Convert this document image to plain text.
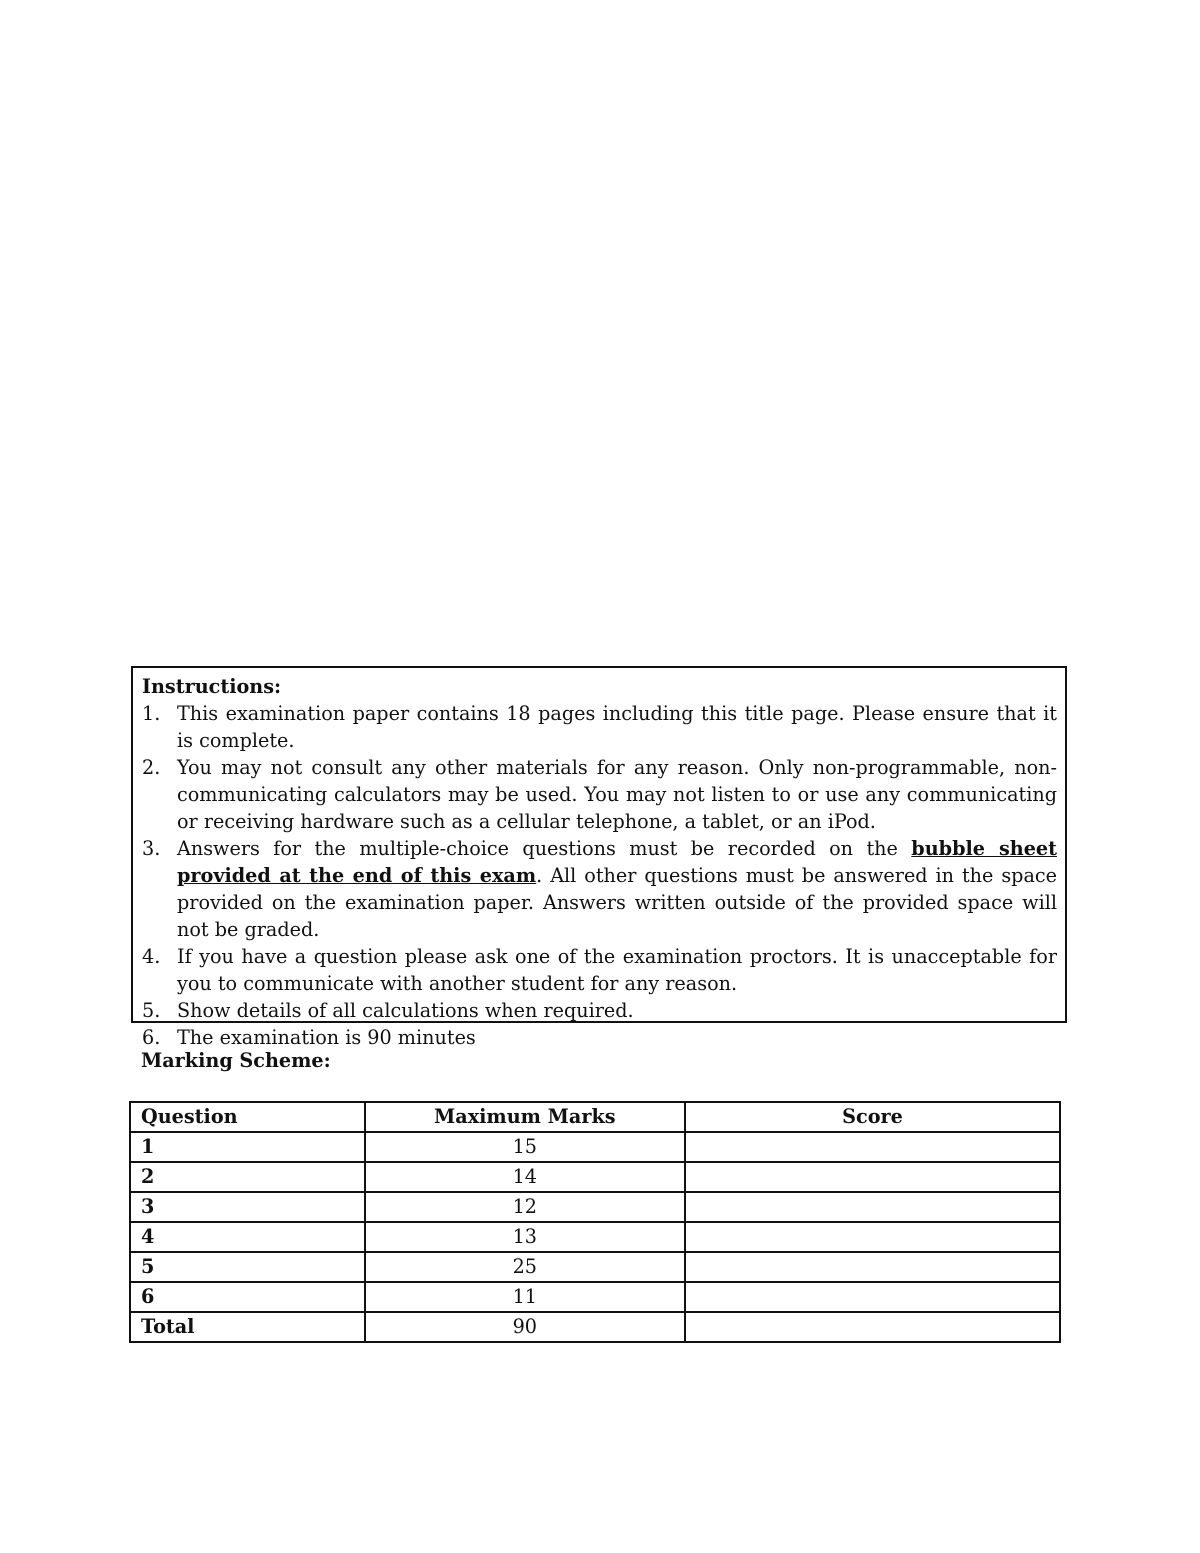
Instructions:
1. This examination paper contains 18 pages including this title page. Please ensure that it is complete.
2. You may not consult any other materials for any reason. Only non-programmable, non-communicating calculators may be used. You may not listen to or use any communicating or receiving hardware such as a cellular telephone, a tablet, or an iPod.
3. Answers for the multiple-choice questions must be recorded on the bubble sheet provided at the end of this exam. All other questions must be answered in the space provided on the examination paper. Answers written outside of the provided space will not be graded.
4. If you have a question please ask one of the examination proctors. It is unacceptable for you to communicate with another student for any reason.
5. Show details of all calculations when required.
6. The examination is 90 minutes
Marking Scheme:
Question	Maximum Marks	Score
1	15	
2	14	
3	12	
4	13	
5	25	
6	11	
Total	90	
